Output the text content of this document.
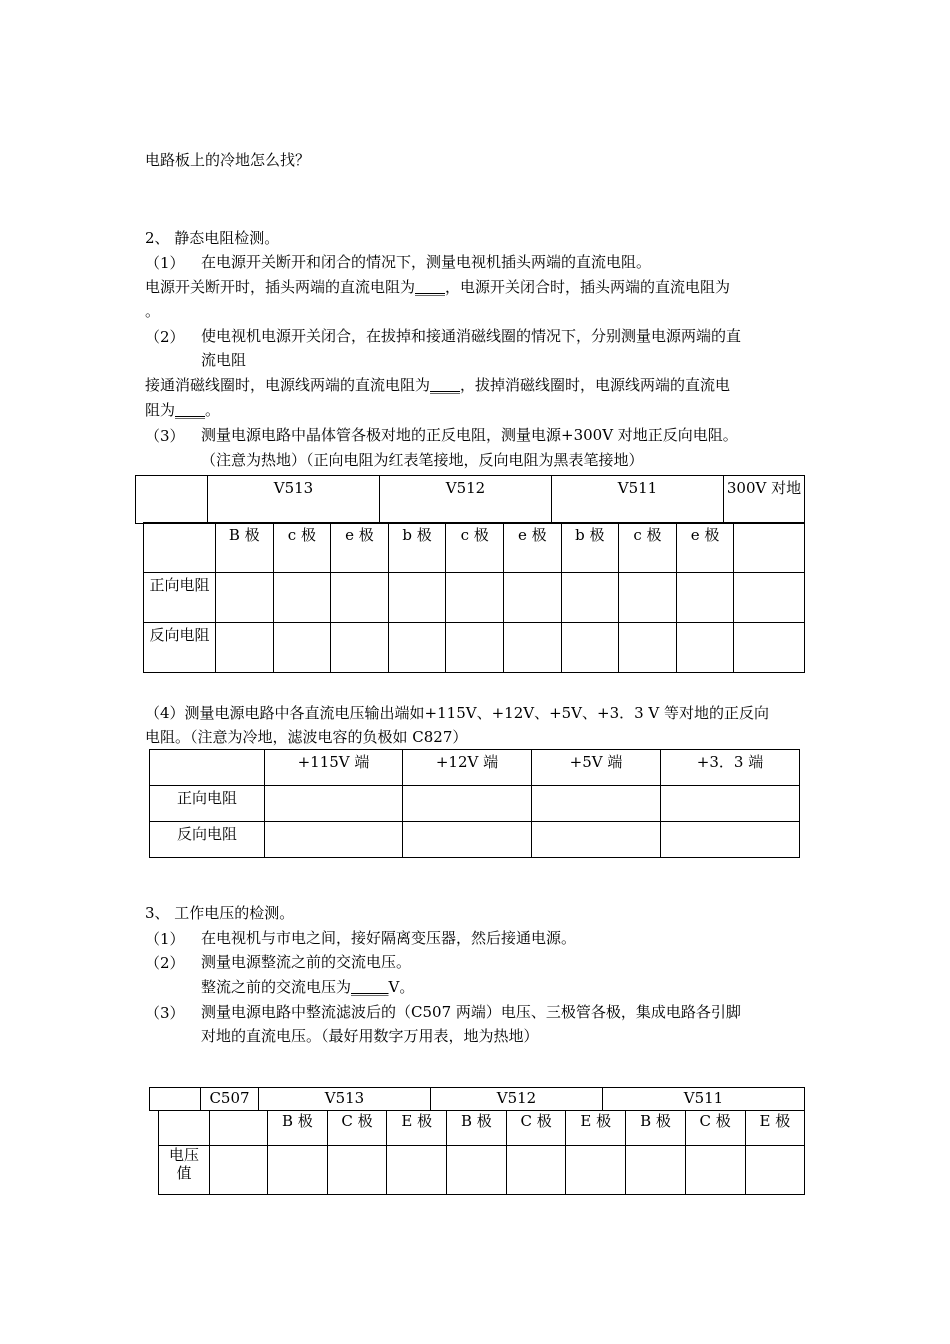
电路板上的冷地怎么找？
2、 静态电阻检测。
（1） 在电源开关断开和闭合的情况下，测量电视机插头两端的直流电阻。
电源开关断开时，插头两端的直流电阻为____，电源开关闭合时，插头两端的直流电阻为
。
（2） 使电视机电源开关闭合，在拔掉和接通消磁线圈的情况下，分别测量电源两端的直
流电阻
接通消磁线圈时，电源线两端的直流电阻为____，拔掉消磁线圈时，电源线两端的直流电
阻为____。
（3） 测量电源电路中晶体管各极对地的正反电阻，测量电源+300V 对地正反向电阻。
（注意为热地）（正向电阻为红表笔接地，反向电阻为黑表笔接地）
	V513	V512	V511	300V 对地
	B 极	c 极	e 极	b 极	c 极	e 极	b 极	c 极	e 极	
正向电阻										
反向电阻										
（4）测量电源电路中各直流电压输出端如+115V、+12V、+5V、+3．3 V 等对地的正反向
电阻。（注意为冷地，滤波电容的负极如 C827）
	+115V 端	+12V 端	+5V 端	+3．3 端
正向电阻				
反向电阻				
3、 工作电压的检测。
（1） 在电视机与市电之间，接好隔离变压器，然后接通电源。
（2） 测量电源整流之前的交流电压。
整流之前的交流电压为_____V。
（3） 测量电源电路中整流滤波后的（C507 两端）电压、三极管各极，集成电路各引脚
对地的直流电压。（最好用数字万用表，地为热地）
	C507	V513	V512	V511
		B 极	C 极	E 极	B 极	C 极	E 极	B 极	C 极	E 极
电压值										
